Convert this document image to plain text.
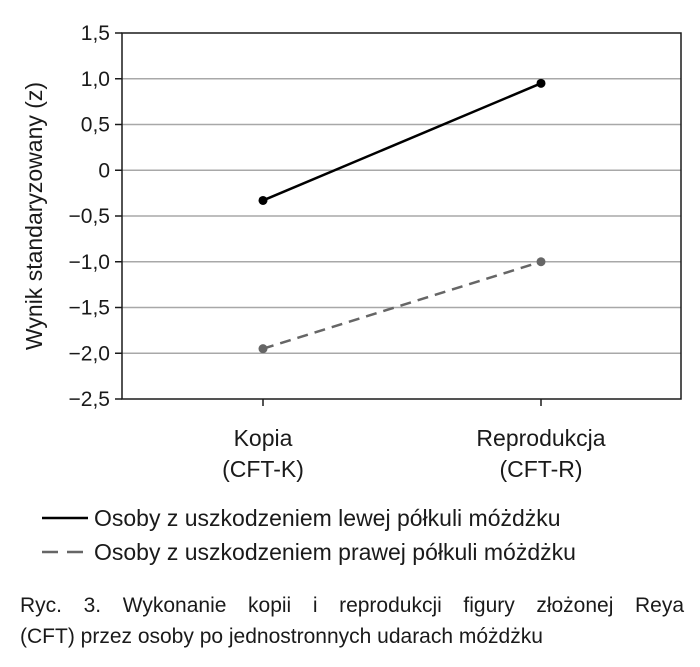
1,5
1,0
0,5
0
−0,5
−1,0
−1,5
−2,0
−2,5
Kopia
(CFT-K)
Reprodukcja
(CFT-R)
Wynik standaryzowany (z)
Osoby z uszkodzeniem lewej półkuli móżdżku
Osoby z uszkodzeniem prawej półkuli móżdżku
Ryc. 3. Wykonanie kopii i reprodukcji figury złożonej Reya
(CFT) przez osoby po jednostronnych udarach móżdżku
